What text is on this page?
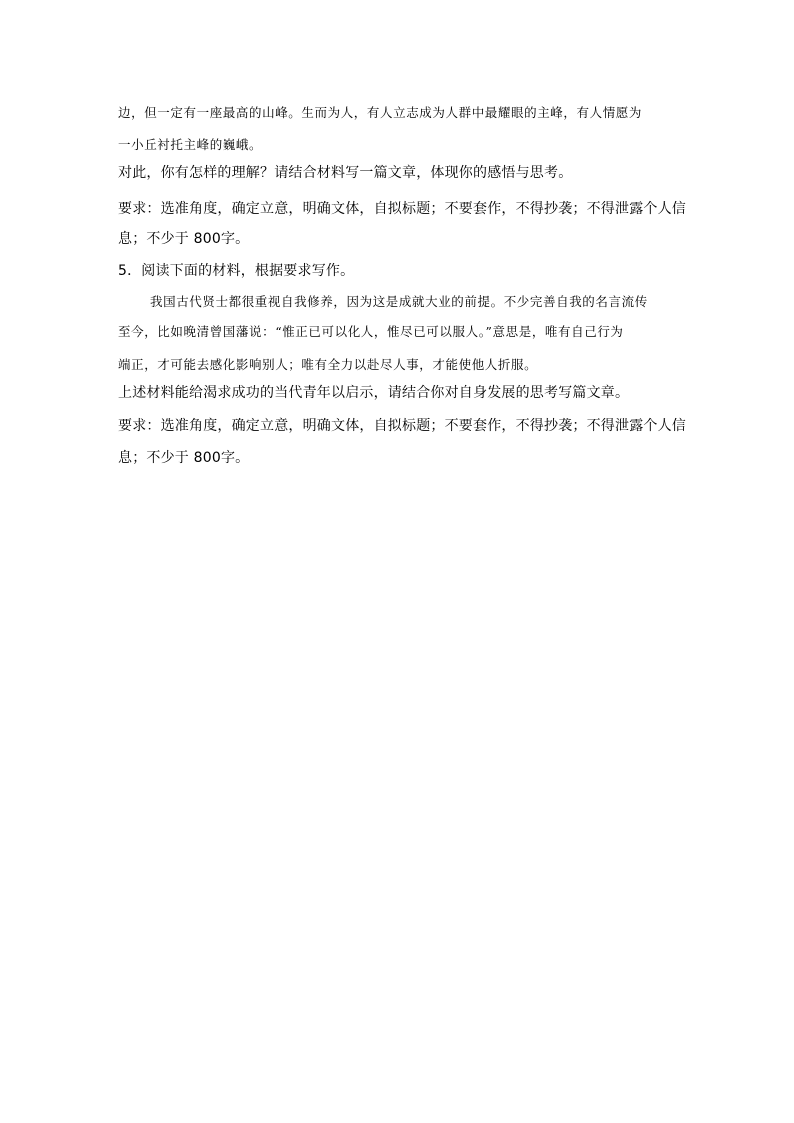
边，但一定有一座最高的山峰。生而为人，有人立志成为人群中最耀眼的主峰，有人情愿为
一小丘衬托主峰的巍峨。
对此，你有怎样的理解？请结合材料写一篇文章，体现你的感悟与思考。
要求：选准角度，确定立意，明确文体，自拟标题；不要套作，不得抄袭；不得泄露个人信
息；不少于 800字。
5．阅读下面的材料，根据要求写作。
我国古代贤士都很重视自我修养，因为这是成就大业的前提。不少完善自我的名言流传
至今，比如晚清曾国藩说：“惟正已可以化人，惟尽已可以服人。”意思是，唯有自己行为
端正，才可能去感化影响别人；唯有全力以赴尽人事，才能使他人折服。
上述材料能给渴求成功的当代青年以启示，请结合你对自身发展的思考写篇文章。
要求：选准角度，确定立意，明确文体，自拟标题；不要套作，不得抄袭；不得泄露个人信
息；不少于 800字。
